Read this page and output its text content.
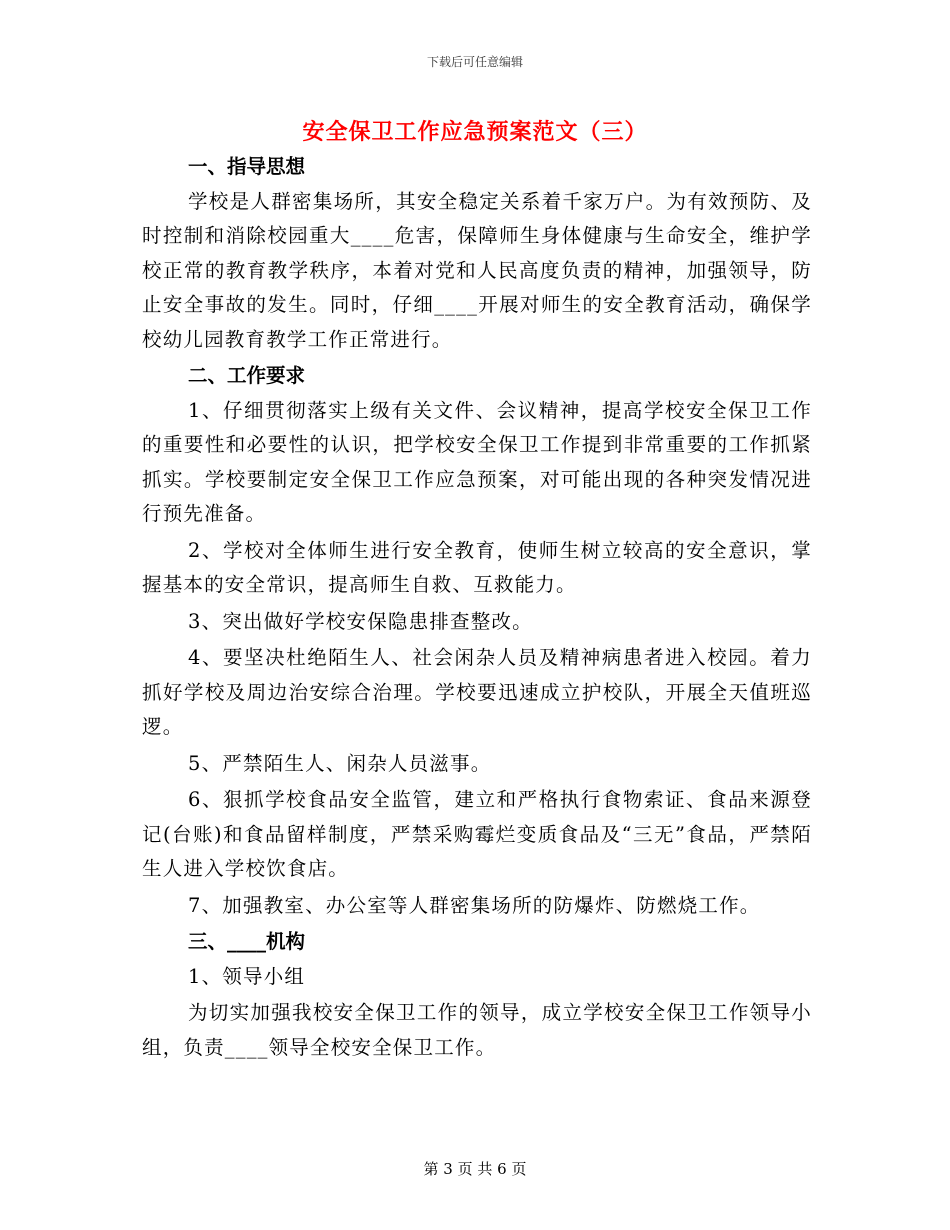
下载后可任意编辑
安全保卫工作应急预案范文（三）

一、指导思想

学校是人群密集场所，其安全稳定关系着千家万户。为有效预防、及时控制和消除校园重大____危害，保障师生身体健康与生命安全，维护学校正常的教育教学秩序，本着对党和人民高度负责的精神，加强领导，防止安全事故的发生。同时，仔细____开展对师生的安全教育活动，确保学校幼儿园教育教学工作正常进行。

二、工作要求

1、仔细贯彻落实上级有关文件、会议精神，提高学校安全保卫工作的重要性和必要性的认识，把学校安全保卫工作提到非常重要的工作抓紧抓实。学校要制定安全保卫工作应急预案，对可能出现的各种突发情况进行预先准备。

2、学校对全体师生进行安全教育，使师生树立较高的安全意识，掌握基本的安全常识，提高师生自救、互救能力。

3、突出做好学校安保隐患排查整改。

4、要坚决杜绝陌生人、社会闲杂人员及精神病患者进入校园。着力抓好学校及周边治安综合治理。学校要迅速成立护校队，开展全天值班巡逻。

5、严禁陌生人、闲杂人员滋事。

6、狠抓学校食品安全监管，建立和严格执行食物索证、食品来源登记(台账)和食品留样制度，严禁采购霉烂变质食品及“三无”食品，严禁陌生人进入学校饮食店。

7、加强教室、办公室等人群密集场所的防爆炸、防燃烧工作。

三、____机构

1、领导小组

为切实加强我校安全保卫工作的领导，成立学校安全保卫工作领导小组，负责____领导全校安全保卫工作。

第 3 页 共 6 页
